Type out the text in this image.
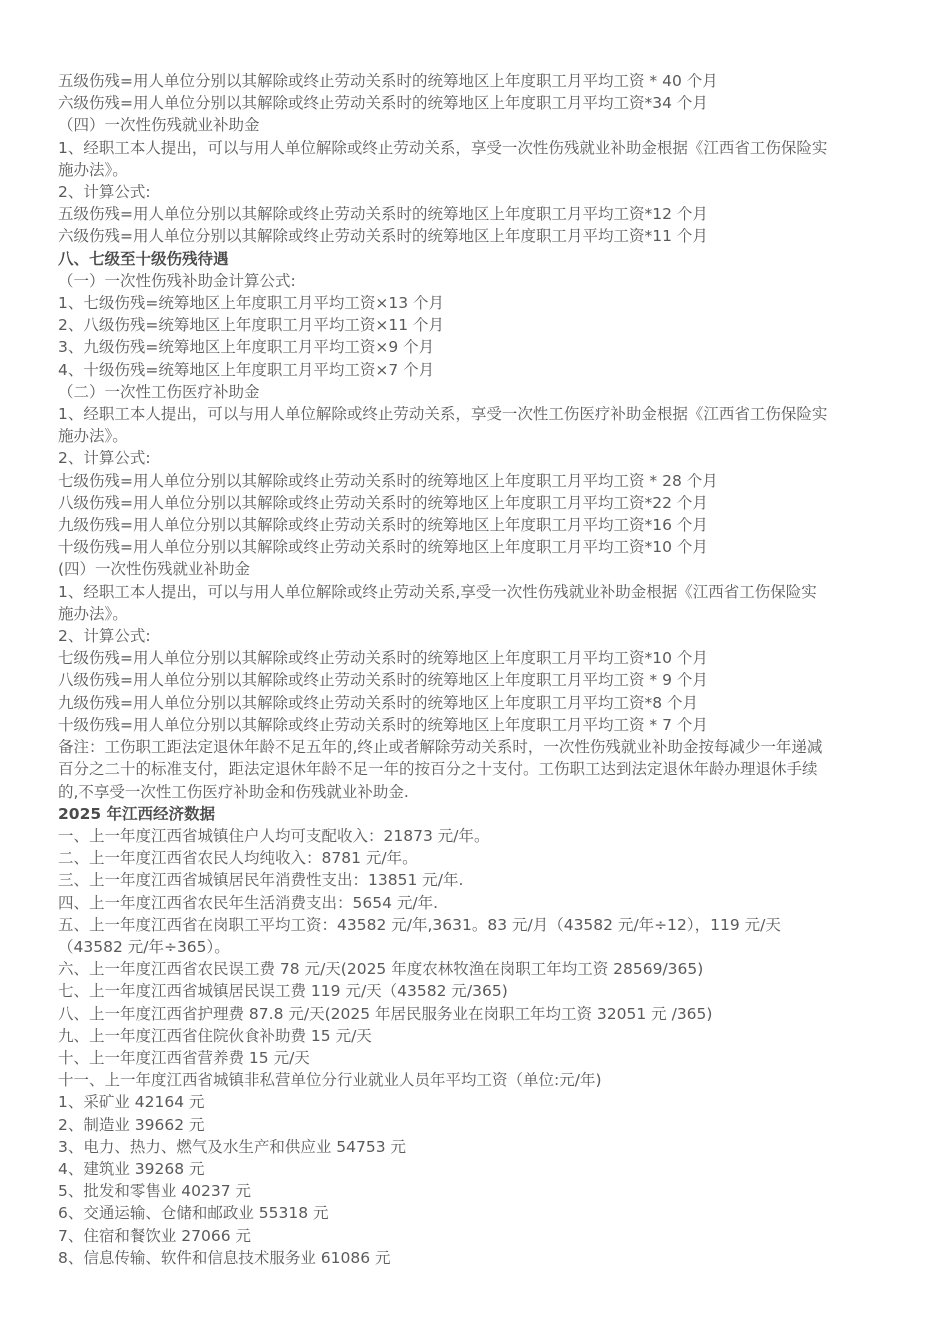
五级伤残=用人单位分别以其解除或终止劳动关系时的统筹地区上年度职工月平均工资 * 40 个月

六级伤残=用人单位分别以其解除或终止劳动关系时的统筹地区上年度职工月平均工资*34 个月

（四）一次性伤残就业补助金

1、经职工本人提出，可以与用人单位解除或终止劳动关系，享受一次性伤残就业补助金根据《江西省工伤保险实

施办法》。

2、计算公式:

五级伤残=用人单位分别以其解除或终止劳动关系时的统筹地区上年度职工月平均工资*12 个月

六级伤残=用人单位分别以其解除或终止劳动关系时的统筹地区上年度职工月平均工资*11 个月

八、七级至十级伤残待遇

（一）一次性伤残补助金计算公式:

1、七级伤残=统筹地区上年度职工月平均工资×13 个月

2、八级伤残=统筹地区上年度职工月平均工资×11 个月

3、九级伤残=统筹地区上年度职工月平均工资×9 个月

4、十级伤残=统筹地区上年度职工月平均工资×7 个月

（二）一次性工伤医疗补助金

1、经职工本人提出，可以与用人单位解除或终止劳动关系，享受一次性工伤医疗补助金根据《江西省工伤保险实

施办法》。

2、计算公式:

七级伤残=用人单位分别以其解除或终止劳动关系时的统筹地区上年度职工月平均工资 * 28 个月

八级伤残=用人单位分别以其解除或终止劳动关系时的统筹地区上年度职工月平均工资*22 个月

九级伤残=用人单位分别以其解除或终止劳动关系时的统筹地区上年度职工月平均工资*16 个月

十级伤残=用人单位分别以其解除或终止劳动关系时的统筹地区上年度职工月平均工资*10 个月

(四）一次性伤残就业补助金

1、经职工本人提出，可以与用人单位解除或终止劳动关系,享受一次性伤残就业补助金根据《江西省工伤保险实

施办法》。

2、计算公式:

七级伤残=用人单位分别以其解除或终止劳动关系时的统筹地区上年度职工月平均工资*10 个月

八级伤残=用人单位分别以其解除或终止劳动关系时的统筹地区上年度职工月平均工资 * 9 个月

九级伤残=用人单位分别以其解除或终止劳动关系时的统筹地区上年度职工月平均工资*8 个月

十级伤残=用人单位分别以其解除或终止劳动关系时的统筹地区上年度职工月平均工资 * 7 个月

备注：工伤职工距法定退休年龄不足五年的,终止或者解除劳动关系时，一次性伤残就业补助金按每减少一年递减

百分之二十的标准支付，距法定退休年龄不足一年的按百分之十支付。工伤职工达到法定退休年龄办理退休手续

的,不享受一次性工伤医疗补助金和伤残就业补助金.

2025 年江西经济数据

一、上一年度江西省城镇住户人均可支配收入：21873 元/年。

二、上一年度江西省农民人均纯收入：8781 元/年。

三、上一年度江西省城镇居民年消费性支出：13851 元/年.

四、上一年度江西省农民年生活消费支出：5654 元/年.

五、上一年度江西省在岗职工平均工资：43582 元/年,3631。83 元/月（43582 元/年÷12），119 元/天

（43582 元/年÷365）。

六、上一年度江西省农民误工费 78 元/天(2025 年度农林牧渔在岗职工年均工资 28569/365)

七、上一年度江西省城镇居民误工费 119 元/天（43582 元/365)

八、上一年度江西省护理费 87.8 元/天(2025 年居民服务业在岗职工年均工资 32051 元 /365)

九、上一年度江西省住院伙食补助费 15 元/天

十、上一年度江西省营养费 15 元/天

十一、上一年度江西省城镇非私营单位分行业就业人员年平均工资（单位:元/年)

1、采矿业 42164 元

2、制造业 39662 元

3、电力、热力、燃气及水生产和供应业 54753 元

4、建筑业 39268 元

5、批发和零售业 40237 元

6、交通运输、仓储和邮政业 55318 元

7、住宿和餐饮业 27066 元

8、信息传输、软件和信息技术服务业 61086 元
